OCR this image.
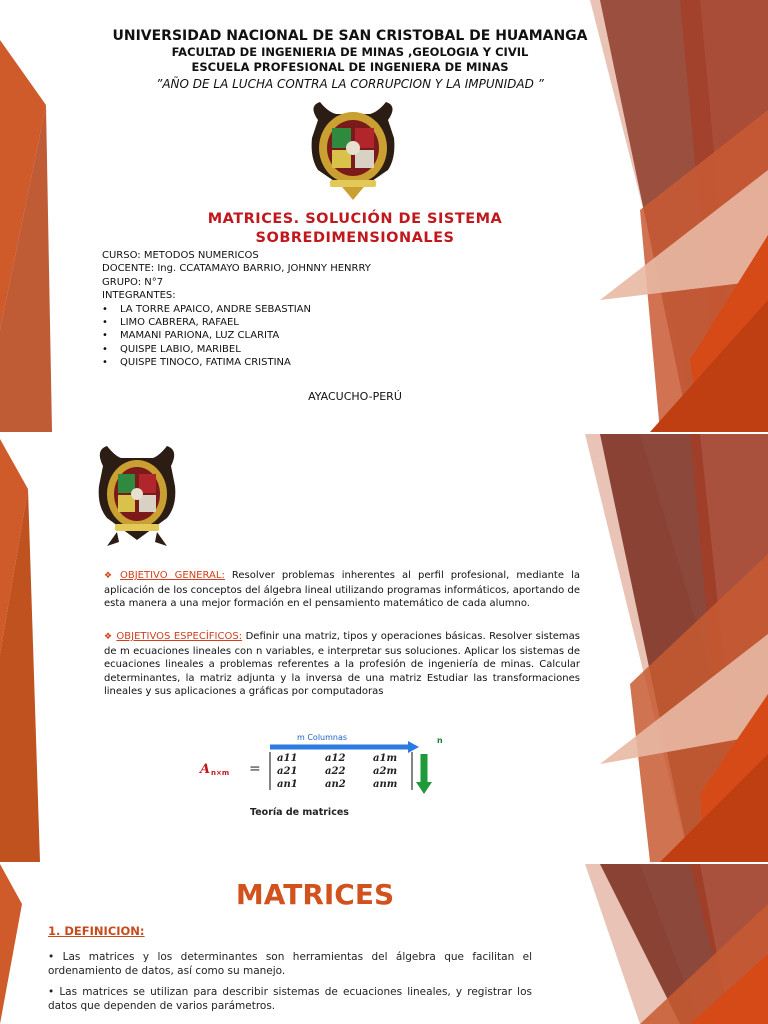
UNIVERSIDAD NACIONAL DE SAN CRISTOBAL DE HUAMANGA
FACULTAD DE INGENIERIA DE MINAS ,GEOLOGIA Y CIVIL
ESCUELA PROFESIONAL DE INGENIERA DE MINAS
”AÑO DE LA LUCHA CONTRA LA CORRUPCION Y LA IMPUNIDAD ”
MATRICES. SOLUCIÓN DE SISTEMA
SOBREDIMENSIONALES
CURSO: METODOS NUMERICOS
DOCENTE: Ing. CCATAMAYO BARRIO, JOHNNY HENRRY
GRUPO: N°7
INTEGRANTES:
• LA TORRE APAICO, ANDRE SEBASTIAN
• LIMO CABRERA, RAFAEL
• MAMANI PARIONA, LUZ CLARITA
• QUISPE LABIO, MARIBEL
• QUISPE TINOCO, FATIMA CRISTINA
AYACUCHO-PERÚ
❖ OBJETIVO GENERAL: Resolver problemas inherentes al perfil profesional, mediante la aplicación de los conceptos del álgebra lineal utilizando programas informáticos, aportando de esta manera a una mejor formación en el pensamiento matemático de cada alumno.
❖ OBJETIVOS ESPECÍFICOS: Definir una matriz, tipos y operaciones básicas. Resolver sistemas de m ecuaciones lineales con n variables, e interpretar sus soluciones. Aplicar los sistemas de ecuaciones lineales a problemas referentes a la profesión de ingeniería de minas. Calcular determinantes, la matriz adjunta y la inversa de una matriz Estudiar las transformaciones lineales y sus aplicaciones a gráficas por computadoras
m Columnas	n
A n×m =
a11	a12	a1m
a21	a22	a2m
an1	an2	anm
Teoría de matrices
MATRICES
1. DEFINICION:
• Las matrices y los determinantes son herramientas del álgebra que facilitan el ordenamiento de datos, así como su manejo.
• Las matrices se utilizan para describir sistemas de ecuaciones lineales, y registrar los datos que dependen de varios parámetros.
